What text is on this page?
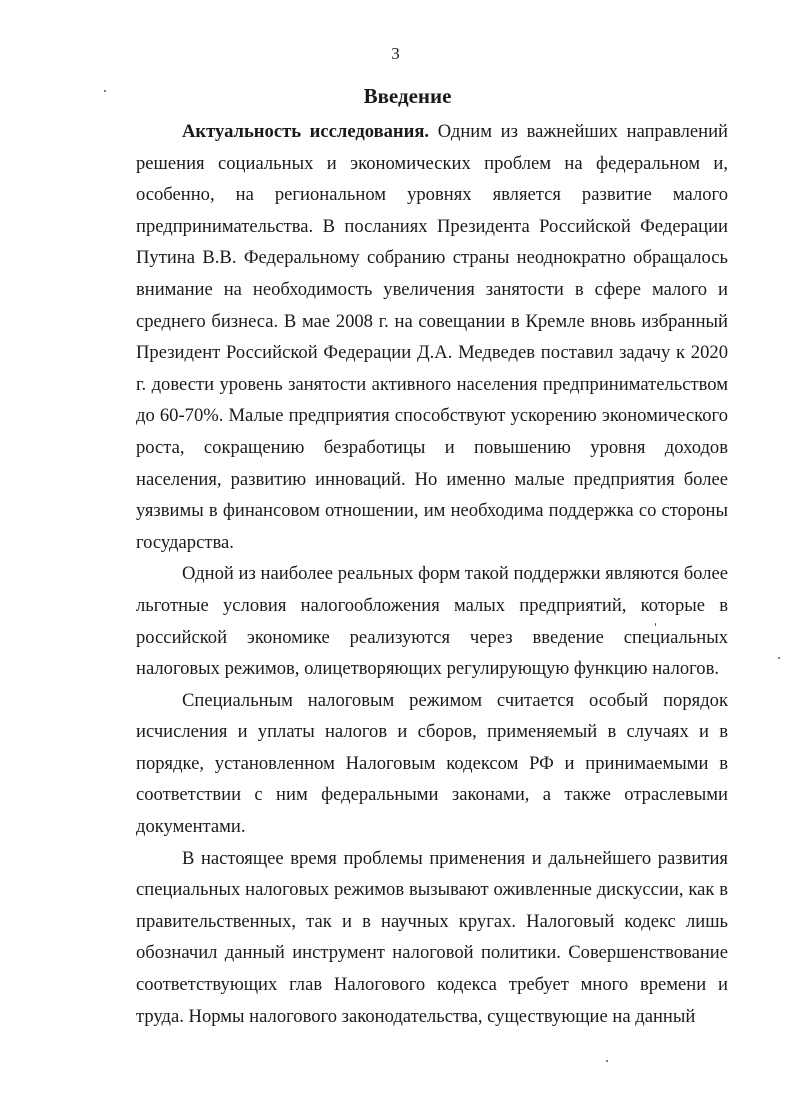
3
Введение

Актуальность исследования. Одним из важнейших направлений решения социальных и экономических проблем на федеральном и, особенно, на региональном уровнях является развитие малого предпринимательства. В посланиях Президента Российской Федерации Путина В.В. Федеральному собранию страны неоднократно обращалось внимание на необходимость увеличения занятости в сфере малого и среднего бизнеса. В мае 2008 г. на совещании в Кремле вновь избранный Президент Российской Федерации Д.А. Медведев поставил задачу к 2020 г. довести уровень занятости активного населения предпринимательством до 60-70%. Малые предприятия способствуют ускорению экономического роста, сокращению безработицы и повышению уровня доходов населения, развитию инноваций. Но именно малые предприятия более уязвимы в финансовом отношении, им необходима поддержка со стороны государства.

Одной из наиболее реальных форм такой поддержки являются более льготные условия налогообложения малых предприятий, которые в российской экономике реализуются через введение специальных налоговых режимов, олицетворяющих регулирующую функцию налогов.

Специальным налоговым режимом считается особый порядок исчисления и уплаты налогов и сборов, применяемый в случаях и в порядке, установленном Налоговым кодексом РФ и принимаемыми в соответствии с ним федеральными законами, а также отраслевыми документами.

В настоящее время проблемы применения и дальнейшего развития специальных налоговых режимов вызывают оживленные дискуссии, как в правительственных, так и в научных кругах. Налоговый кодекс лишь обозначил данный инструмент налоговой политики. Совершенствование соответствующих глав Налогового кодекса требует много времени и труда. Нормы налогового законодательства, существующие на данный
